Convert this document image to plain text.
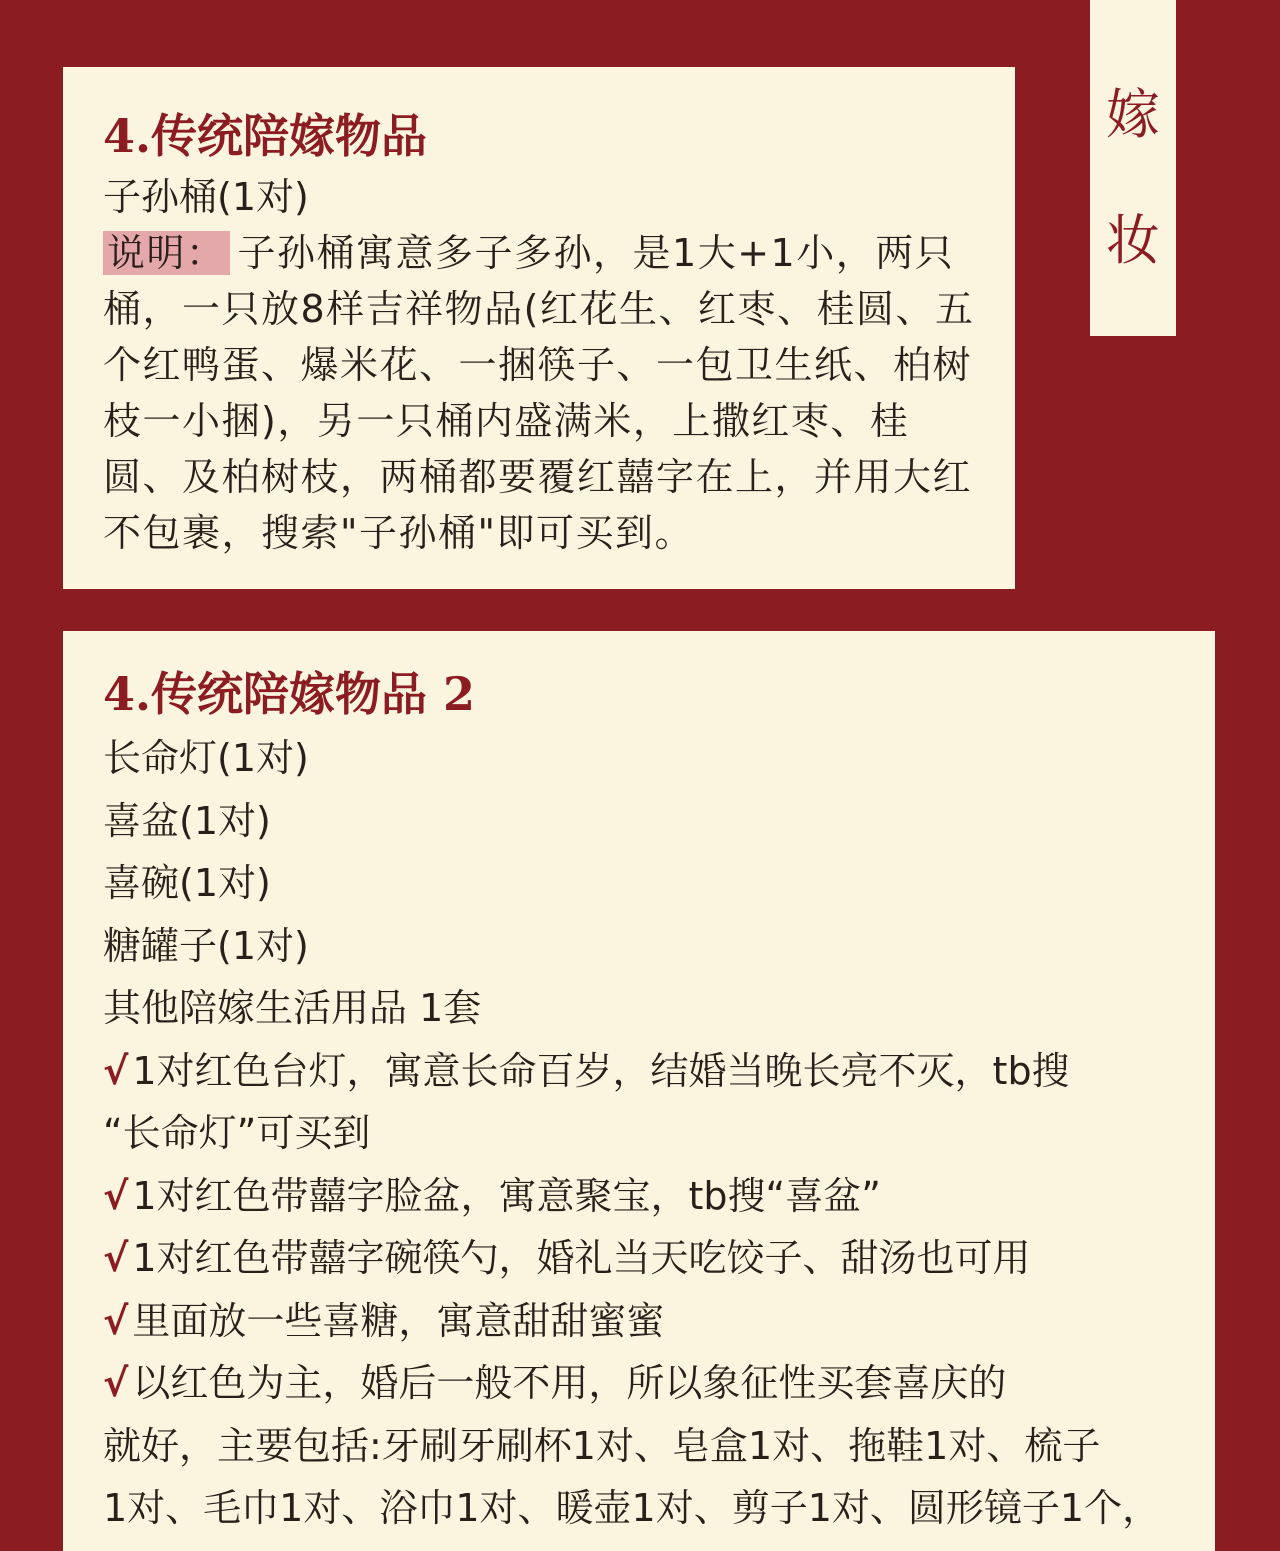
嫁
妆
4.传统陪嫁物品
子孙桶(1对)
说明： 子孙桶寓意多子多孙，是1大+1小，两只桶，一只放8样吉祥物品(红花生、红枣、桂圆、五个红鸭蛋、爆米花、一捆筷子、一包卫生纸、柏树枝一小捆)，另一只桶内盛满米，上撒红枣、桂圆、及柏树枝，两桶都要覆红囍字在上，并用大红不包裹，搜索"子孙桶"即可买到。
4.传统陪嫁物品 2
长命灯(1对)
喜盆(1对)
喜碗(1对)
糖罐子(1对)
其他陪嫁生活用品 1套
√ 1对红色台灯，寓意长命百岁，结婚当晚长亮不灭，tb搜
“长命灯”可买到
√ 1对红色带囍字脸盆，寓意聚宝，tb搜“喜盆”
√ 1对红色带囍字碗筷勺，婚礼当天吃饺子、甜汤也可用
√ 里面放一些喜糖，寓意甜甜蜜蜜
√ 以红色为主，婚后一般不用，所以象征性买套喜庆的
就好，主要包括:牙刷牙刷杯1对、皂盒1对、拖鞋1对、梳子
1对、毛巾1对、浴巾1对、暖壶1对、剪子1对、圆形镜子1个，
